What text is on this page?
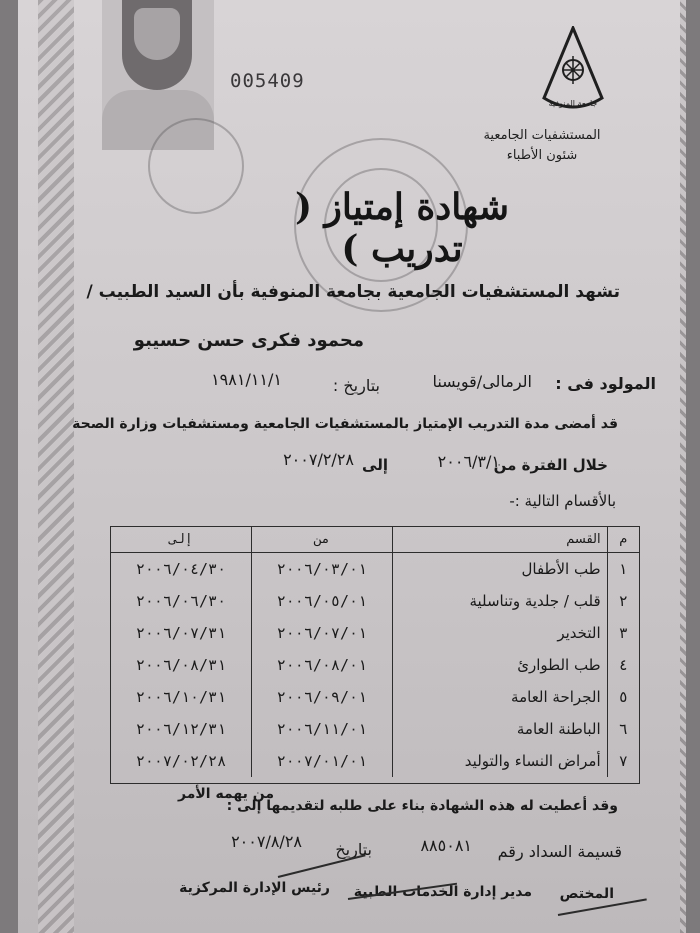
005409
جامعة المنوفية
المستشفيات الجامعية
شئون الأطباء
شهادة إمتياز ( تدريب )
تشهد المستشفيات الجامعية بجامعة المنوفية بأن السيد الطبيب /
محمود فكرى حسن حسيبو
المولود فى :
الرمالى/قويسنا
بتاريخ :
١٩٨١/١١/١
قد أمضى مدة التدريب الإمتياز بالمستشفيات الجامعية ومستشفيات وزارة الصحة
خلال الفترة من
٢٠٠٦/٣/١
إلى
٢٠٠٧/٢/٢٨
بالأقسام التالية :-
م	القسم	من	إلى
١	طب الأطفال	٢٠٠٦/٠٣/٠١	٢٠٠٦/٠٤/٣٠
٢	قلب / جلدية وتناسلية	٢٠٠٦/٠٥/٠١	٢٠٠٦/٠٦/٣٠
٣	التخدير	٢٠٠٦/٠٧/٠١	٢٠٠٦/٠٧/٣١
٤	طب الطوارئ	٢٠٠٦/٠٨/٠١	٢٠٠٦/٠٨/٣١
٥	الجراحة العامة	٢٠٠٦/٠٩/٠١	٢٠٠٦/١٠/٣١
٦	الباطنة العامة	٢٠٠٦/١١/٠١	٢٠٠٦/١٢/٣١
٧	أمراض النساء والتوليد	٢٠٠٧/٠١/٠١	٢٠٠٧/٠٢/٢٨
من يهمه الأمر
وقد أعطيت له هذه الشهادة بناء على طلبه لتقديمها إلى :
قسيمة السداد رقم
٨٨٥٠٨١
بتاريخ
٢٠٠٧/٨/٢٨
المختص
مدير إدارة الخدمات الطبية
رئيس الإدارة المركزية
